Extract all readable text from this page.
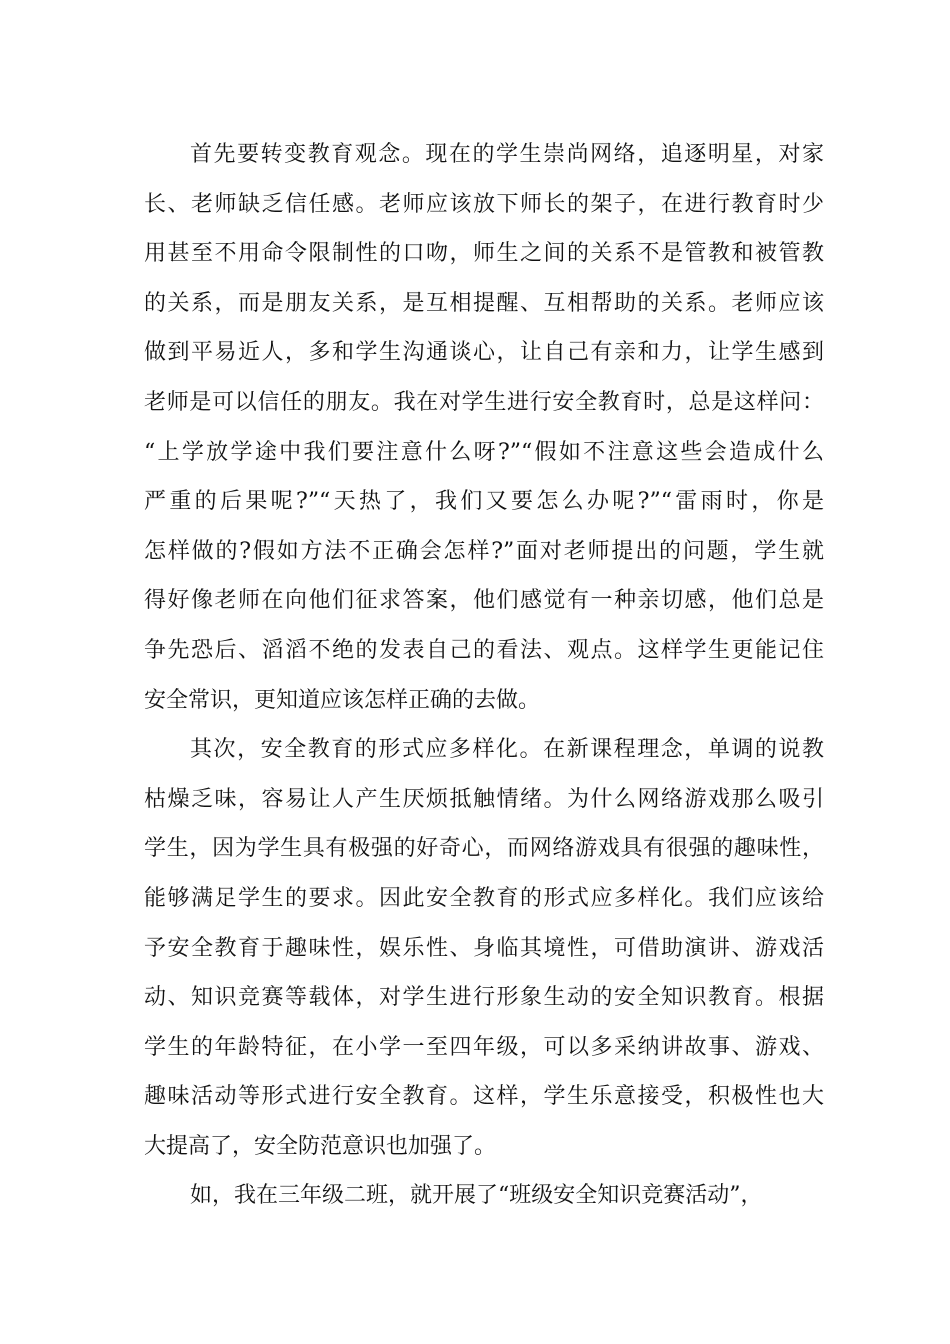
首先要转变教育观念。现在的学生崇尚网络，追逐明星，对家
长、老师缺乏信任感。老师应该放下师长的架子，在进行教育时少
用甚至不用命令限制性的口吻，师生之间的关系不是管教和被管教
的关系，而是朋友关系，是互相提醒、互相帮助的关系。老师应该
做到平易近人，多和学生沟通谈心，让自己有亲和力，让学生感到
老师是可以信任的朋友。我在对学生进行安全教育时，总是这样问：
“上学放学途中我们要注意什么呀?”“假如不注意这些会造成什么
严重的后果呢?”“天热了，我们又要怎么办呢?”“雷雨时，你是
怎样做的?假如方法不正确会怎样?”面对老师提出的问题，学生就
得好像老师在向他们征求答案，他们感觉有一种亲切感，他们总是
争先恐后、滔滔不绝的发表自己的看法、观点。这样学生更能记住
安全常识，更知道应该怎样正确的去做。
其次，安全教育的形式应多样化。在新课程理念，单调的说教
枯燥乏味，容易让人产生厌烦抵触情绪。为什么网络游戏那么吸引
学生，因为学生具有极强的好奇心，而网络游戏具有很强的趣味性，
能够满足学生的要求。因此安全教育的形式应多样化。我们应该给
予安全教育于趣味性，娱乐性、身临其境性，可借助演讲、游戏活
动、知识竞赛等载体，对学生进行形象生动的安全知识教育。根据
学生的年龄特征，在小学一至四年级，可以多采纳讲故事、游戏、
趣味活动等形式进行安全教育。这样，学生乐意接受，积极性也大
大提高了，安全防范意识也加强了。
如，我在三年级二班，就开展了“班级安全知识竞赛活动”，
